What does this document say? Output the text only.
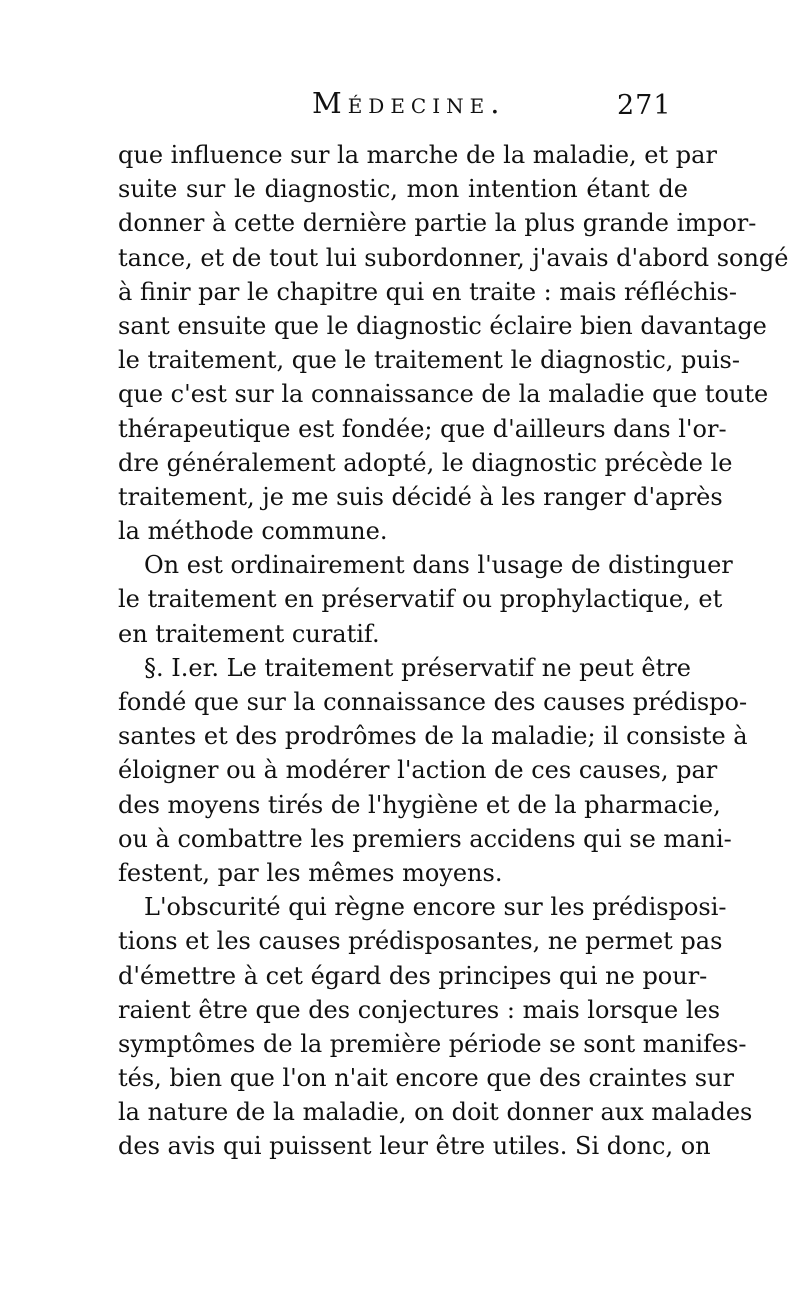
Médecine.	271
que influence sur la marche de la maladie, et par
suite sur le diagnostic, mon intention étant de
donner à cette dernière partie la plus grande impor-
tance, et de tout lui subordonner, j'avais d'abord songé
à finir par le chapitre qui en traite : mais réfléchis-
sant ensuite que le diagnostic éclaire bien davantage
le traitement, que le traitement le diagnostic, puis-
que c'est sur la connaissance de la maladie que toute
thérapeutique est fondée; que d'ailleurs dans l'or-
dre généralement adopté, le diagnostic précède le
traitement, je me suis décidé à les ranger d'après
la méthode commune.
On est ordinairement dans l'usage de distinguer
le traitement en préservatif ou prophylactique, et
en traitement curatif.
§. I.er. Le traitement préservatif ne peut être
fondé que sur la connaissance des causes prédispo-
santes et des prodrômes de la maladie; il consiste à
éloigner ou à modérer l'action de ces causes, par
des moyens tirés de l'hygiène et de la pharmacie,
ou à combattre les premiers accidens qui se mani-
festent, par les mêmes moyens.
L'obscurité qui règne encore sur les prédisposi-
tions et les causes prédisposantes, ne permet pas
d'émettre à cet égard des principes qui ne pour-
raient être que des conjectures : mais lorsque les
symptômes de la première période se sont manifes-
tés, bien que l'on n'ait encore que des craintes sur
la nature de la maladie, on doit donner aux malades
des avis qui puissent leur être utiles. Si donc, on
